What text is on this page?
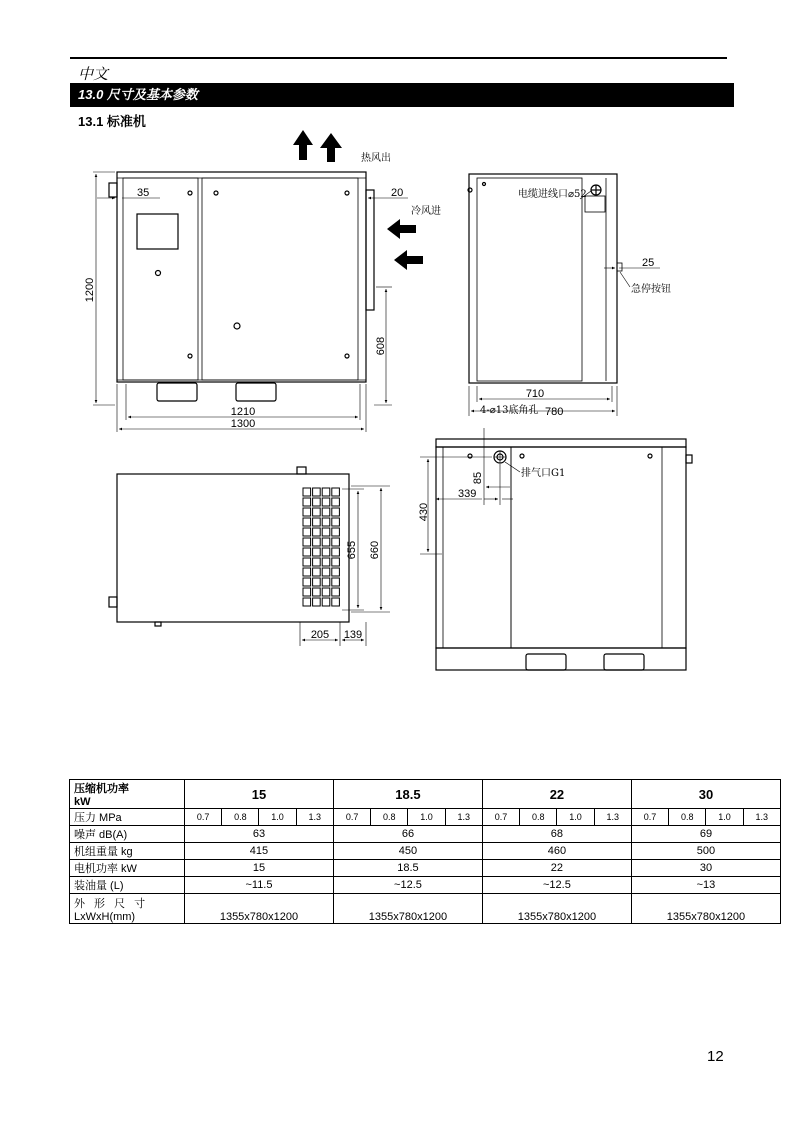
中文
13.0 尺寸及基本参数
13.1 标准机
1200
1210
1300
35	20
608
热风出
冷风进
710
780
25
电缆进线口⌀52
急停按钮
4-⌀13底角孔
655 660
205 139
430
339
85	排气口G1
压缩机功率
kW	15				18.5				22				30			
压力 MPa	0.7	0.8	1.0	1.3	0.7	0.8	1.0	1.3	0.7	0.8	1.0	1.3	0.7	0.8	1.0	1.3
噪声 dB(A)	63				66				68				69			
机组重量 kg	415				450				460				500			
电机功率 kW	15				18.5				22				30			
装油量 (L)	~11.5				~12.5				~12.5				~13			

外 形 尺 寸
LxWxH(mm)	1355x780x1200				1355x780x1200				1355x780x1200				1355x780x1200			
12
